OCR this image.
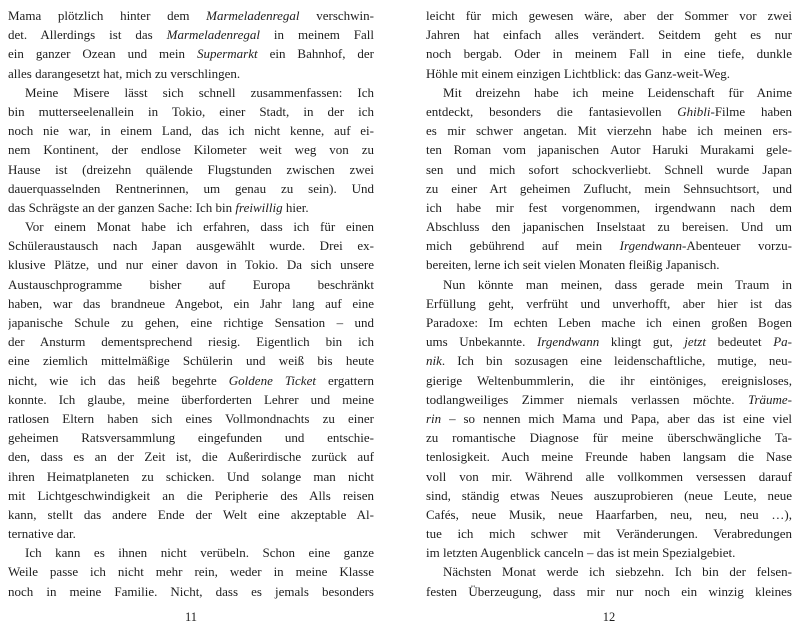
Mama plötzlich hinter dem Marmeladenregal verschwin-
det. Allerdings ist das Marmeladenregal in meinem Fall
ein ganzer Ozean und mein Supermarkt ein Bahnhof, der
alles darangesetzt hat, mich zu verschlingen.
Meine Misere lässt sich schnell zusammenfassen: Ich
bin mutterseelenallein in Tokio, einer Stadt, in der ich
noch nie war, in einem Land, das ich nicht kenne, auf ei-
nem Kontinent, der endlose Kilometer weit weg von zu
Hause ist (dreizehn quälende Flugstunden zwischen zwei
dauerquasselnden Rentnerinnen, um genau zu sein). Und
das Schrägste an der ganzen Sache: Ich bin freiwillig hier.
Vor einem Monat habe ich erfahren, dass ich für einen
Schüleraustausch nach Japan ausgewählt wurde. Drei ex-
klusive Plätze, und nur einer davon in Tokio. Da sich unsere
Austauschprogramme bisher auf Europa beschränkt
haben, war das brandneue Angebot, ein Jahr lang auf eine
japanische Schule zu gehen, eine richtige Sensation – und
der Ansturm dementsprechend riesig. Eigentlich bin ich
eine ziemlich mittelmäßige Schülerin und weiß bis heute
nicht, wie ich das heiß begehrte Goldene Ticket ergattern
konnte. Ich glaube, meine überforderten Lehrer und meine
ratlosen Eltern haben sich eines Vollmondnachts zu einer
geheimen Ratsversammlung eingefunden und entschie-
den, dass es an der Zeit ist, die Außerirdische zurück auf
ihren Heimatplaneten zu schicken. Und solange man nicht
mit Lichtgeschwindigkeit an die Peripherie des Alls reisen
kann, stellt das andere Ende der Welt eine akzeptable Al-
ternative dar.
Ich kann es ihnen nicht verübeln. Schon eine ganze
Weile passe ich nicht mehr rein, weder in meine Klasse
noch in meine Familie. Nicht, dass es jemals besonders
11
leicht für mich gewesen wäre, aber der Sommer vor zwei
Jahren hat einfach alles verändert. Seitdem geht es nur
noch bergab. Oder in meinem Fall in eine tiefe, dunkle
Höhle mit einem einzigen Lichtblick: das Ganz-weit-Weg.
Mit dreizehn habe ich meine Leidenschaft für Anime
entdeckt, besonders die fantasievollen Ghibli-Filme haben
es mir schwer angetan. Mit vierzehn habe ich meinen ers-
ten Roman vom japanischen Autor Haruki Murakami gele-
sen und mich sofort schockverliebt. Schnell wurde Japan
zu einer Art geheimen Zuflucht, mein Sehnsuchtsort, und
ich habe mir fest vorgenommen, irgendwann nach dem
Abschluss den japanischen Inselstaat zu bereisen. Und um
mich gebührend auf mein Irgendwann-Abenteuer vorzu-
bereiten, lerne ich seit vielen Monaten fleißig Japanisch.
Nun könnte man meinen, dass gerade mein Traum in
Erfüllung geht, verfrüht und unverhofft, aber hier ist das
Paradoxe: Im echten Leben mache ich einen großen Bogen
ums Unbekannte. Irgendwann klingt gut, jetzt bedeutet Pa-
nik. Ich bin sozusagen eine leidenschaftliche, mutige, neu-
gierige Weltenbummlerin, die ihr eintöniges, ereignisloses,
todlangweiliges Zimmer niemals verlassen möchte. Träume-
rin – so nennen mich Mama und Papa, aber das ist eine viel
zu romantische Diagnose für meine überschwängliche Ta-
tenlosigkeit. Auch meine Freunde haben langsam die Nase
voll von mir. Während alle vollkommen versessen darauf
sind, ständig etwas Neues auszuprobieren (neue Leute, neue
Cafés, neue Musik, neue Haarfarben, neu, neu, neu …),
tue ich mich schwer mit Veränderungen. Verabredungen
im letzten Augenblick canceln – das ist mein Spezialgebiet.
Nächsten Monat werde ich siebzehn. Ich bin der felsen-
festen Überzeugung, dass mir nur noch ein winzig kleines
12
